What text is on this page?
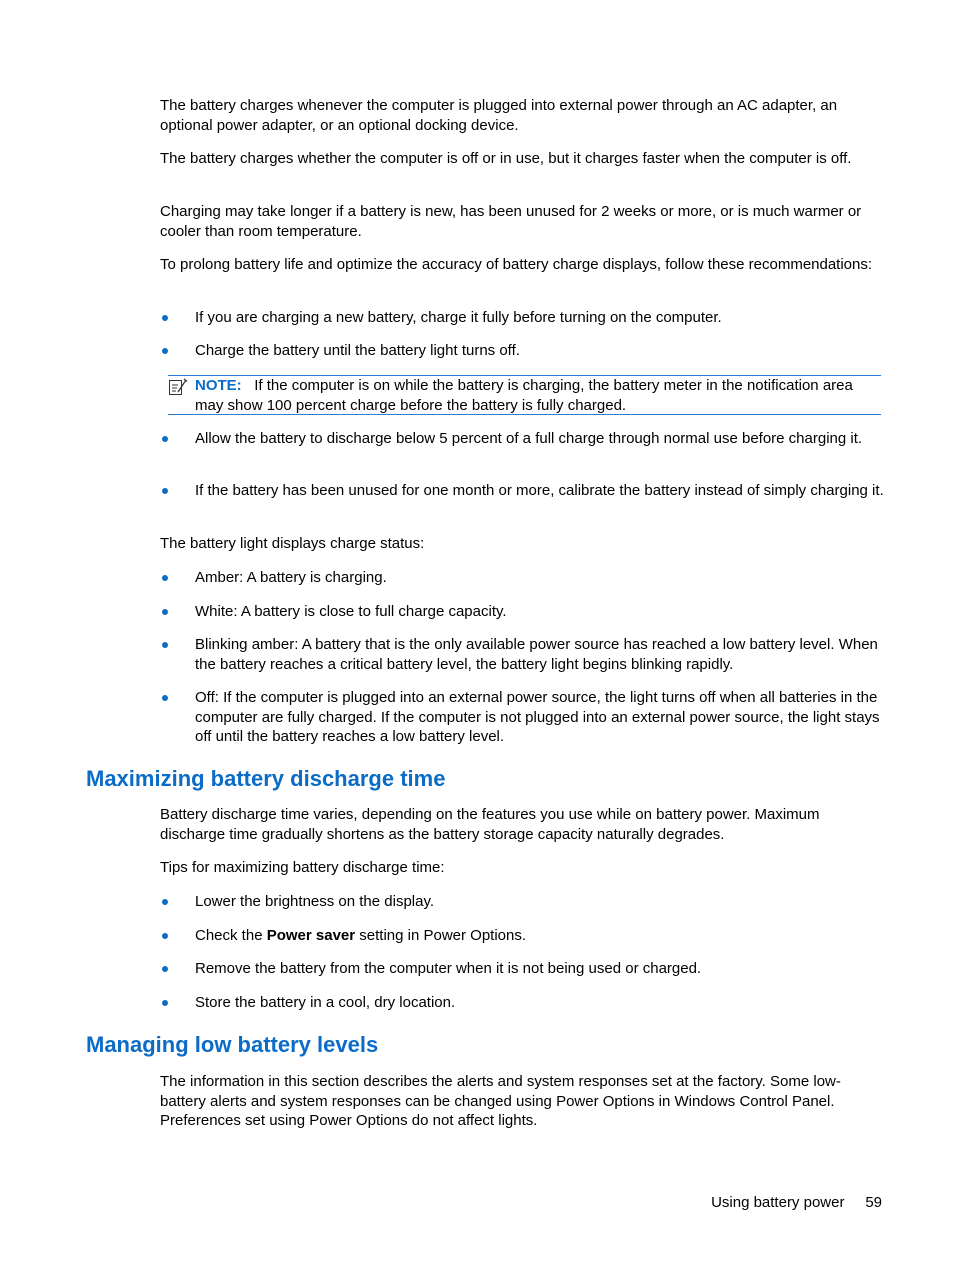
The battery charges whenever the computer is plugged into external power through an AC adapter, an optional power adapter, or an optional docking device.

The battery charges whether the computer is off or in use, but it charges faster when the computer is off.

Charging may take longer if a battery is new, has been unused for 2 weeks or more, or is much warmer or cooler than room temperature.

To prolong battery life and optimize the accuracy of battery charge displays, follow these recommendations:

If you are charging a new battery, charge it fully before turning on the computer.
Charge the battery until the battery light turns off.
NOTE: If the computer is on while the battery is charging, the battery meter in the notification area may show 100 percent charge before the battery is fully charged.
Allow the battery to discharge below 5 percent of a full charge through normal use before charging it.
If the battery has been unused for one month or more, calibrate the battery instead of simply charging it.

The battery light displays charge status:

Amber: A battery is charging.
White: A battery is close to full charge capacity.
Blinking amber: A battery that is the only available power source has reached a low battery level. When the battery reaches a critical battery level, the battery light begins blinking rapidly.
Off: If the computer is plugged into an external power source, the light turns off when all batteries in the computer are fully charged. If the computer is not plugged into an external power source, the light stays off until the battery reaches a low battery level.
Maximizing battery discharge time

Battery discharge time varies, depending on the features you use while on battery power. Maximum discharge time gradually shortens as the battery storage capacity naturally degrades.

Tips for maximizing battery discharge time:

Lower the brightness on the display.
Check the Power saver setting in Power Options.
Remove the battery from the computer when it is not being used or charged.
Store the battery in a cool, dry location.
Managing low battery levels

The information in this section describes the alerts and system responses set at the factory. Some low-battery alerts and system responses can be changed using Power Options in Windows Control Panel. Preferences set using Power Options do not affect lights.

Using battery power 59
